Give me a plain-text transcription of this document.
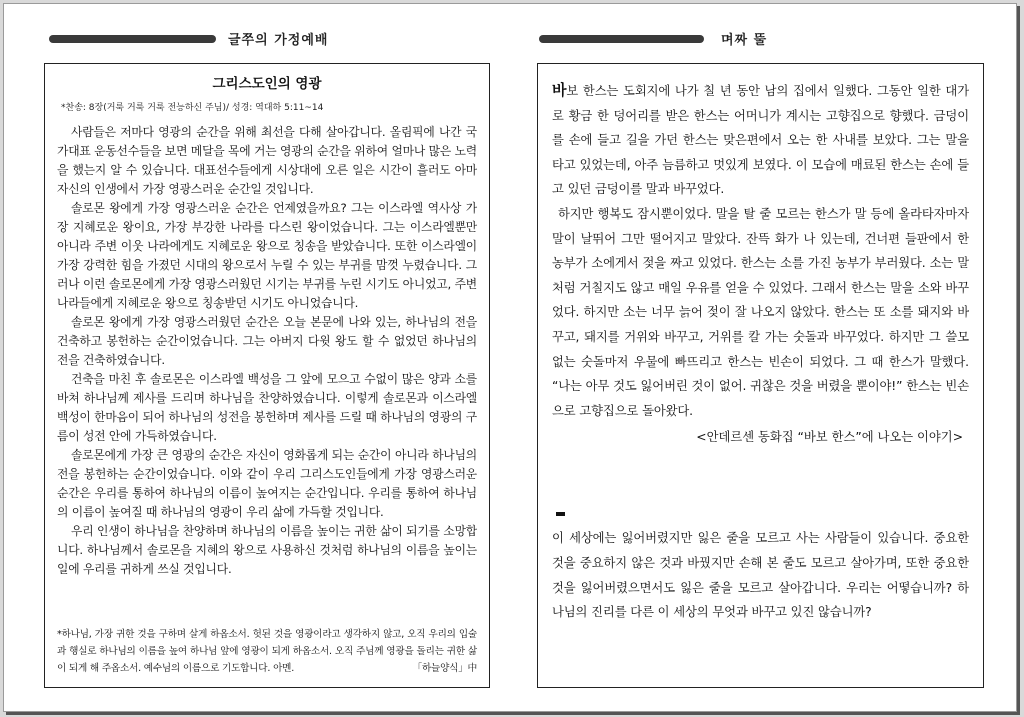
글쭈의 가정예배	며짜 뚤
그리스도인의 영광
*찬송: 8장(거룩 거룩 거룩 전능하신 주님)/ 성경: 역대하 5:11~14

사람들은 저마다 영광의 순간을 위해 최선을 다해 살아갑니다. 올림픽에 나간 국가대표 운동선수들을 보면 메달을 목에 거는 영광의 순간을 위하여 얼마나 많은 노력을 했는지 알 수 있습니다. 대표선수들에게 시상대에 오른 일은 시간이 흘러도 아마 자신의 인생에서 가장 영광스러운 순간일 것입니다.

솔로몬 왕에게 가장 영광스러운 순간은 언제였을까요? 그는 이스라엘 역사상 가장 지혜로운 왕이요, 가장 부강한 나라를 다스린 왕이었습니다. 그는 이스라엘뿐만 아니라 주변 이웃 나라에게도 지혜로운 왕으로 칭송을 받았습니다. 또한 이스라엘이 가장 강력한 힘을 가졌던 시대의 왕으로서 누릴 수 있는 부귀를 맘껏 누렸습니다. 그러나 이런 솔로몬에게 가장 영광스러웠던 시기는 부귀를 누린 시기도 아니었고, 주변 나라들에게 지혜로운 왕으로 칭송받던 시기도 아니었습니다.

솔로몬 왕에게 가장 영광스러웠던 순간은 오늘 본문에 나와 있는, 하나님의 전을 건축하고 봉헌하는 순간이었습니다. 그는 아버지 다윗 왕도 할 수 없었던 하나님의 전을 건축하였습니다.

건축을 마친 후 솔로몬은 이스라엘 백성을 그 앞에 모으고 수없이 많은 양과 소를 바쳐 하나님께 제사를 드리며 하나님을 찬양하였습니다. 이렇게 솔로몬과 이스라엘 백성이 한마음이 되어 하나님의 성전을 봉헌하며 제사를 드릴 때 하나님의 영광의 구름이 성전 안에 가득하였습니다.

솔로몬에게 가장 큰 영광의 순간은 자신이 영화롭게 되는 순간이 아니라 하나님의 전을 봉헌하는 순간이었습니다. 이와 같이 우리 그리스도인들에게 가장 영광스러운 순간은 우리를 통하여 하나님의 이름이 높여지는 순간입니다. 우리를 통하여 하나님의 이름이 높여질 때 하나님의 영광이 우리 삶에 가득할 것입니다.

우리 인생이 하나님을 찬양하며 하나님의 이름을 높이는 귀한 삶이 되기를 소망합니다. 하나님께서 솔로몬을 지혜의 왕으로 사용하신 것처럼 하나님의 이름을 높이는 일에 우리를 귀하게 쓰실 것입니다.

*하나님, 가장 귀한 것을 구하며 살게 하옵소서. 헛된 것을 영광이라고 생각하지 않고, 오직 우리의 입술과 행실로 하나님의 이름을 높여 하나님 앞에 영광이 되게 하옵소서. 오직 주님께 영광을 돌리는 귀한 삶이 되게 해 주옵소서. 예수님의 이름으로 기도합니다. 아멘.	「하늘양식」中

바보 한스는 도회지에 나가 칠 년 동안 남의 집에서 일했다. 그동안 일한 대가로 황금 한 덩어리를 받은 한스는 어머니가 계시는 고향집으로 향했다. 금덩이를 손에 들고 길을 가던 한스는 맞은편에서 오는 한 사내를 보았다. 그는 말을 타고 있었는데, 아주 늠름하고 멋있게 보였다. 이 모습에 매료된 한스는 손에 들고 있던 금덩이를 말과 바꾸었다.

하지만 행복도 잠시뿐이었다. 말을 탈 줄 모르는 한스가 말 등에 올라타자마자 말이 날뛰어 그만 떨어지고 말았다. 잔뜩 화가 나 있는데, 건너편 들판에서 한 농부가 소에게서 젖을 짜고 있었다. 한스는 소를 가진 농부가 부러웠다. 소는 말처럼 거칠지도 않고 매일 우유를 얻을 수 있었다. 그래서 한스는 말을 소와 바꾸었다. 하지만 소는 너무 늙어 젖이 잘 나오지 않았다. 한스는 또 소를 돼지와 바꾸고, 돼지를 거위와 바꾸고, 거위를 칼 가는 숫돌과 바꾸었다. 하지만 그 쓸모없는 숫돌마저 우물에 빠뜨리고 한스는 빈손이 되었다. 그 때 한스가 말했다. “나는 아무 것도 잃어버린 것이 없어. 귀찮은 것을 버렸을 뿐이야!” 한스는 빈손으로 고향집으로 돌아왔다.

<안데르센 동화집 “바보 한스”에 나오는 이야기>

이 세상에는 잃어버렸지만 잃은 줄을 모르고 사는 사람들이 있습니다. 중요한 것을 중요하지 않은 것과 바꿨지만 손해 본 줄도 모르고 살아가며, 또한 중요한 것을 잃어버렸으면서도 잃은 줄을 모르고 살아갑니다. 우리는 어떻습니까? 하나님의 진리를 다른 이 세상의 무엇과 바꾸고 있진 않습니까?
